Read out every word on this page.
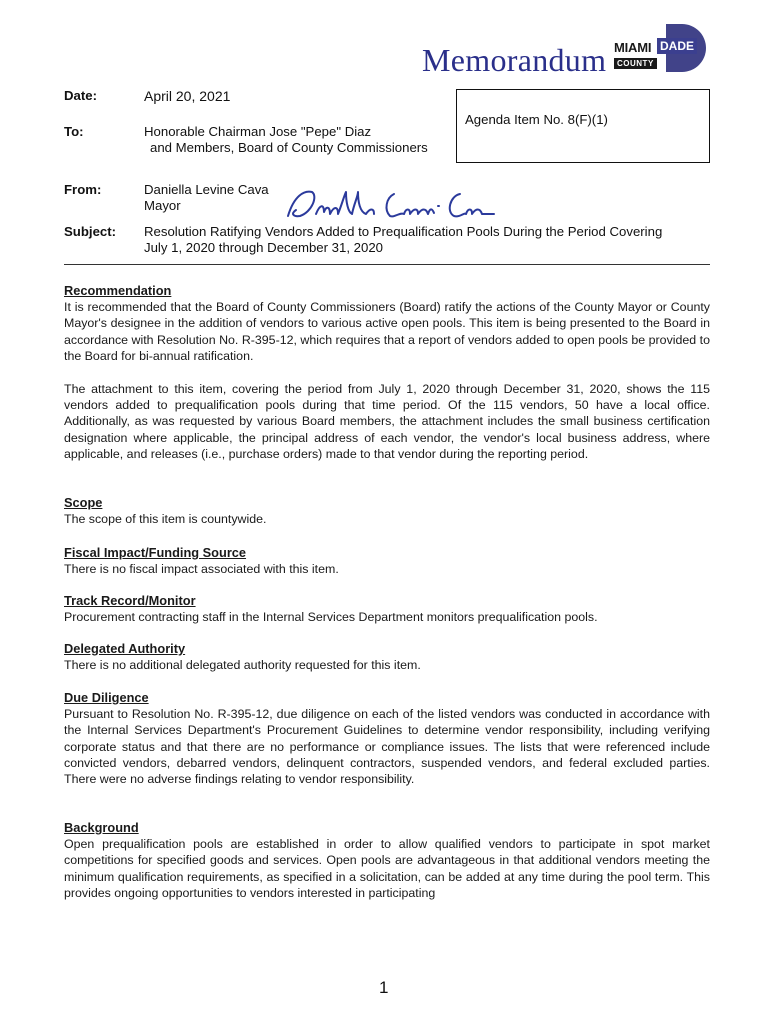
Memorandum MIAMI DADE
COUNTY
Date:	April 20, 2021
To:	Honorable Chairman Jose "Pepe" Diaz
and Members, Board of County Commissioners
Agenda Item No. 8(F)(1)
From:	Daniella Levine Cava
Mayor
Subject: Resolution Ratifying Vendors Added to Prequalification Pools During the Period Covering
July 1, 2020 through December 31, 2020
Recommendation

It is recommended that the Board of County Commissioners (Board) ratify the actions of the County Mayor or County Mayor's designee in the addition of vendors to various active open pools. This item is being presented to the Board in accordance with Resolution No. R-395-12, which requires that a report of vendors added to open pools be provided to the Board for bi-annual ratification.

The attachment to this item, covering the period from July 1, 2020 through December 31, 2020, shows the 115 vendors added to prequalification pools during that time period. Of the 115 vendors, 50 have a local office. Additionally, as was requested by various Board members, the attachment includes the small business certification designation where applicable, the principal address of each vendor, the vendor's local business address, where applicable, and releases (i.e., purchase orders) made to that vendor during the reporting period.

Scope

The scope of this item is countywide.

Fiscal Impact/Funding Source

There is no fiscal impact associated with this item.

Track Record/Monitor

Procurement contracting staff in the Internal Services Department monitors prequalification pools.

Delegated Authority

There is no additional delegated authority requested for this item.

Due Diligence

Pursuant to Resolution No. R-395-12, due diligence on each of the listed vendors was conducted in accordance with the Internal Services Department's Procurement Guidelines to determine vendor responsibility, including verifying corporate status and that there are no performance or compliance issues. The lists that were referenced include convicted vendors, debarred vendors, delinquent contractors, suspended vendors, and federal excluded parties. There were no adverse findings relating to vendor responsibility.

Background

Open prequalification pools are established in order to allow qualified vendors to participate in spot market competitions for specified goods and services. Open pools are advantageous in that additional vendors meeting the minimum qualification requirements, as specified in a solicitation, can be added at any time during the pool term. This provides ongoing opportunities to vendors interested in participating

1
